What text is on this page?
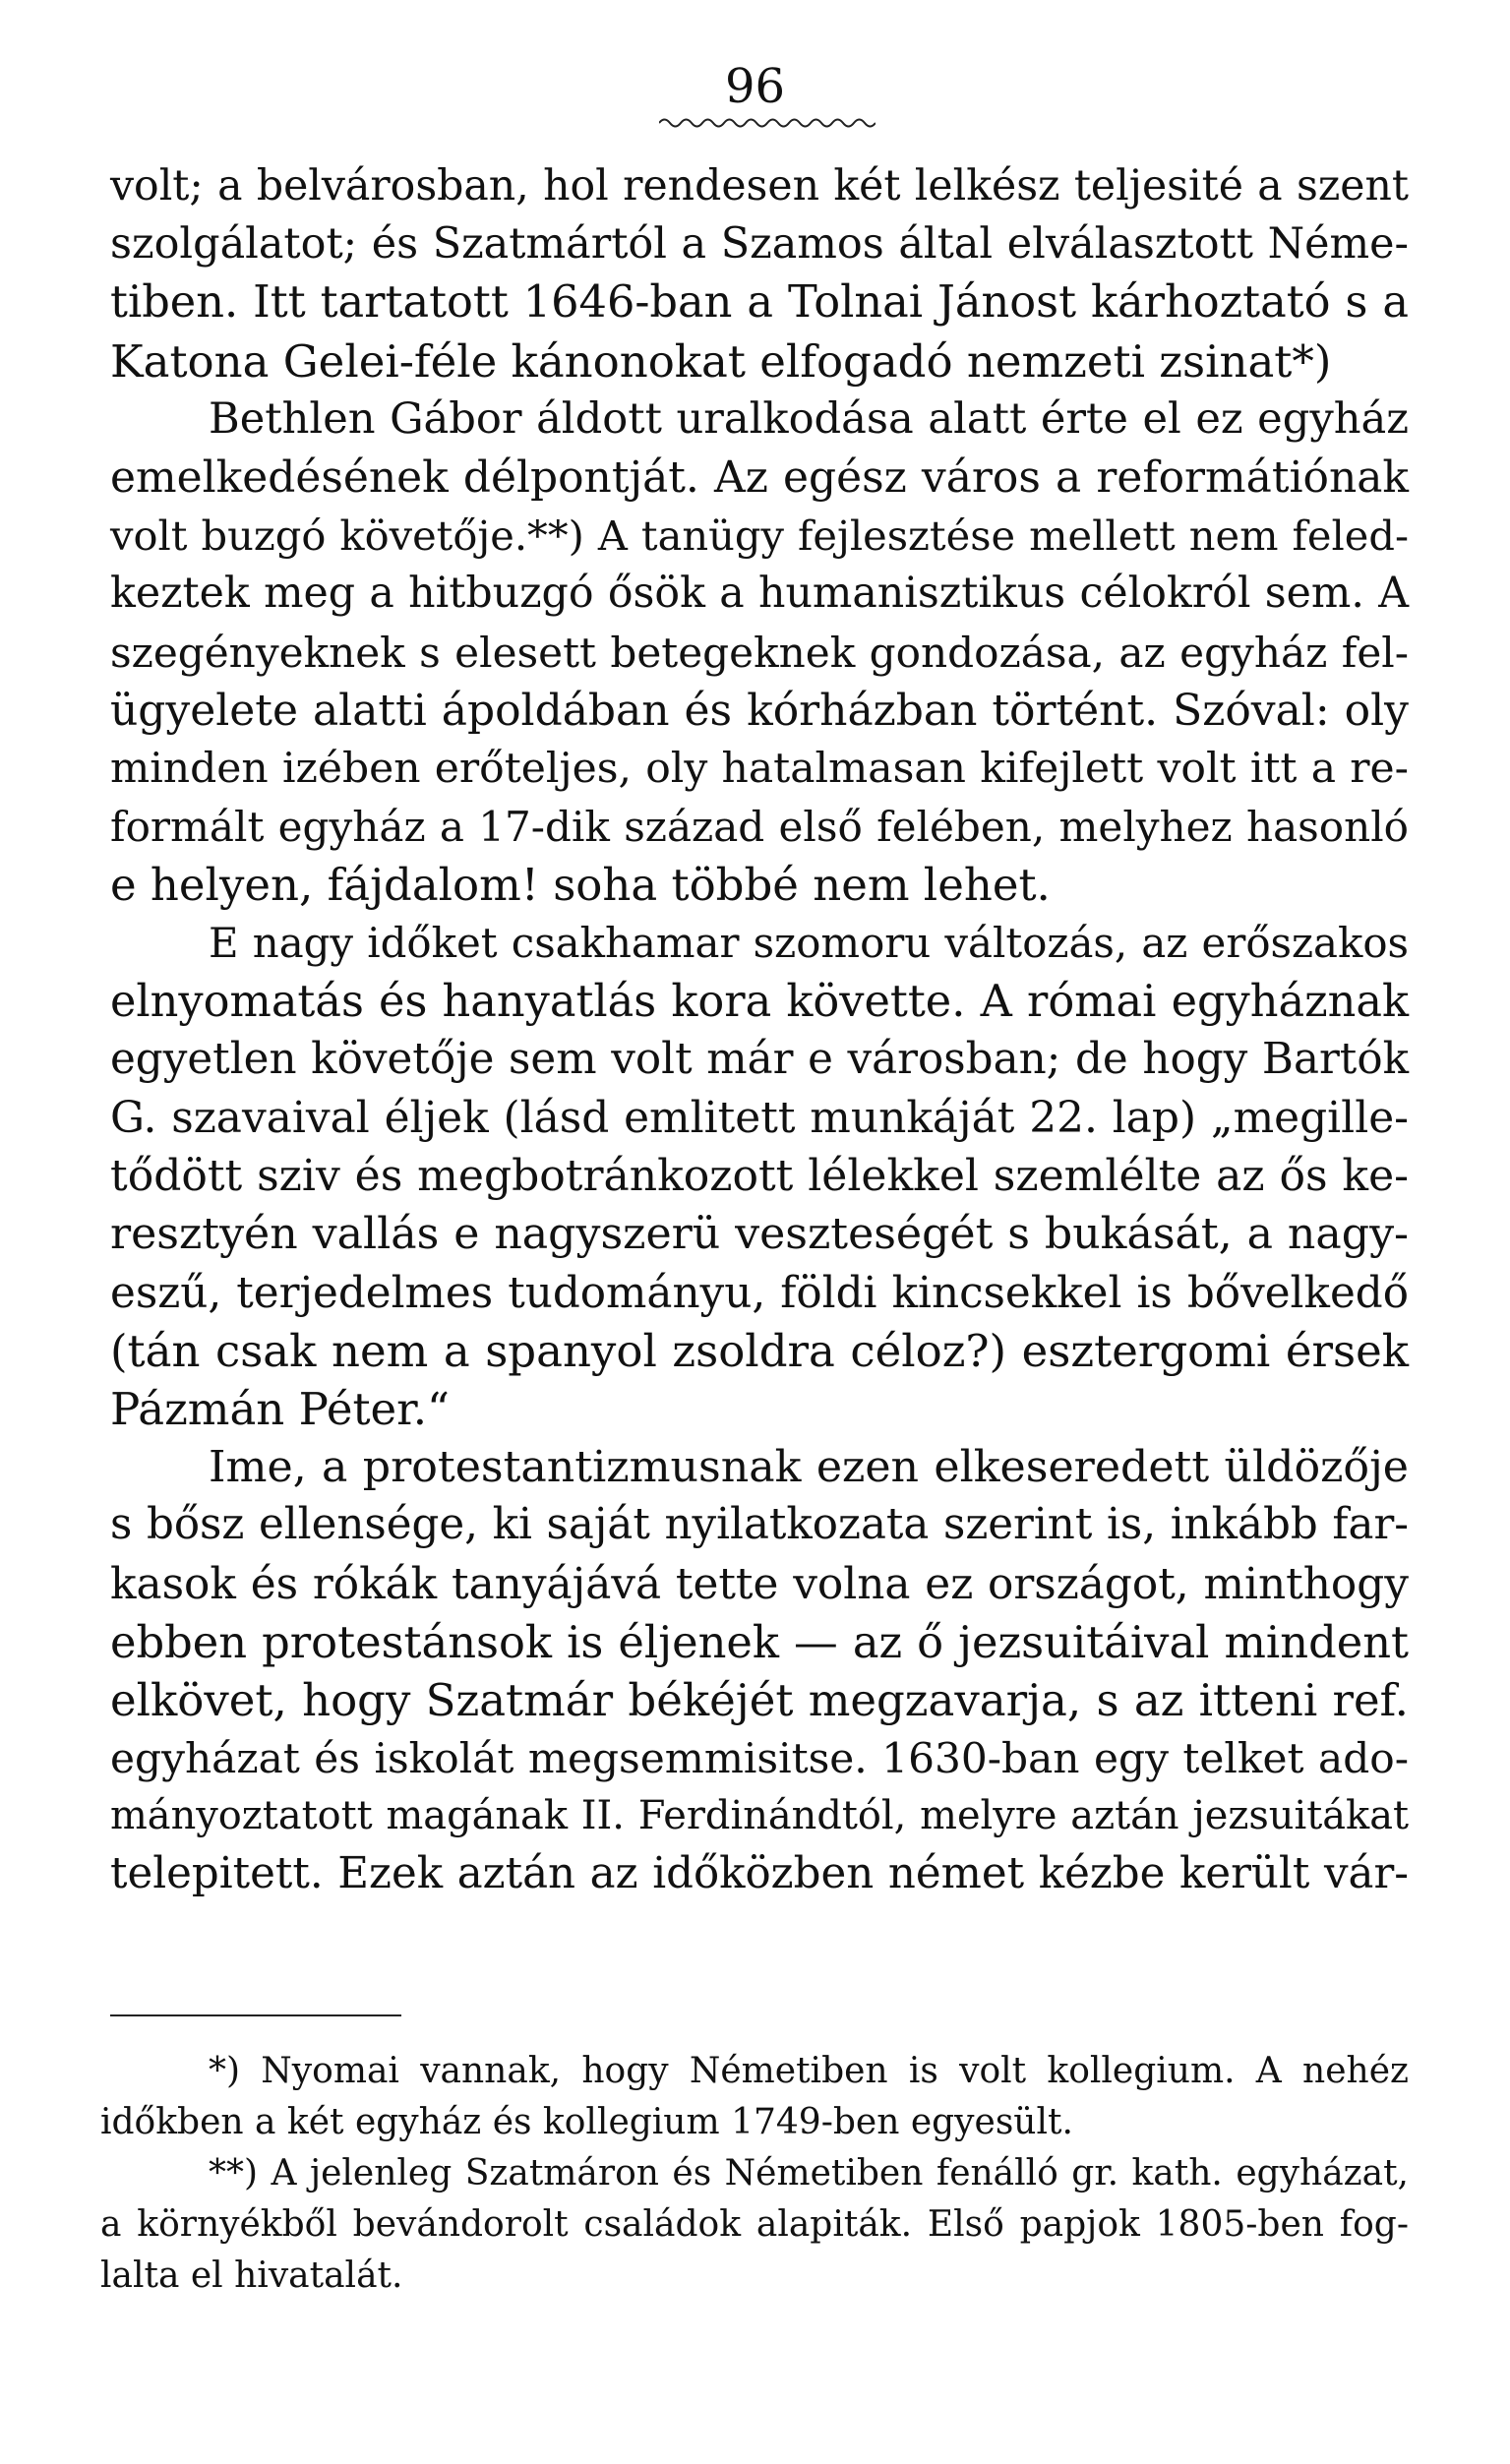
96
volt; a belvárosban, hol rendesen két lelkész teljesité a szent
szolgálatot; és Szatmártól a Szamos által elválasztott Néme-
tiben. Itt tartatott 1646-ban a Tolnai Jánost kárhoztató s a
Katona Gelei-féle kánonokat elfogadó nemzeti zsinat*)
Bethlen Gábor áldott uralkodása alatt érte el ez egyház
emelkedésének délpontját. Az egész város a reformátiónak
volt buzgó követője.**) A tanügy fejlesztése mellett nem feled-
keztek meg a hitbuzgó ősök a humanisztikus célokról sem. A
szegényeknek s elesett betegeknek gondozása, az egyház fel-
ügyelete alatti ápoldában és kórházban történt. Szóval: oly
minden izében erőteljes, oly hatalmasan kifejlett volt itt a re-
formált egyház a 17-dik század első felében, melyhez hasonló
e helyen, fájdalom! soha többé nem lehet.
E nagy időket csakhamar szomoru változás, az erőszakos
elnyomatás és hanyatlás kora követte. A római egyháznak
egyetlen követője sem volt már e városban; de hogy Bartók
G. szavaival éljek (lásd emlitett munkáját 22. lap) „megille-
tődött sziv és megbotránkozott lélekkel szemlélte az ős ke-
resztyén vallás e nagyszerü veszteségét s bukását, a nagy-
eszű, terjedelmes tudományu, földi kincsekkel is bővelkedő
(tán csak nem a spanyol zsoldra céloz?) esztergomi érsek
Pázmán Péter.“
Ime, a protestantizmusnak ezen elkeseredett üldözője
s bősz ellensége, ki saját nyilatkozata szerint is, inkább far-
kasok és rókák tanyájává tette volna ez országot, minthogy
ebben protestánsok is éljenek — az ő jezsuitáival mindent
elkövet, hogy Szatmár békéjét megzavarja, s az itteni ref.
egyházat és iskolát megsemmisitse. 1630-ban egy telket ado-
mányoztatott magának II. Ferdinándtól, melyre aztán jezsuitákat
telepitett. Ezek aztán az időközben német kézbe került vár-
*) Nyomai vannak, hogy Németiben is volt kollegium. A nehéz
időkben a két egyház és kollegium 1749-ben egyesült.
**) A jelenleg Szatmáron és Németiben fenálló gr. kath. egyházat,
a környékből bevándorolt családok alapiták. Első papjok 1805-ben fog-
lalta el hivatalát.
